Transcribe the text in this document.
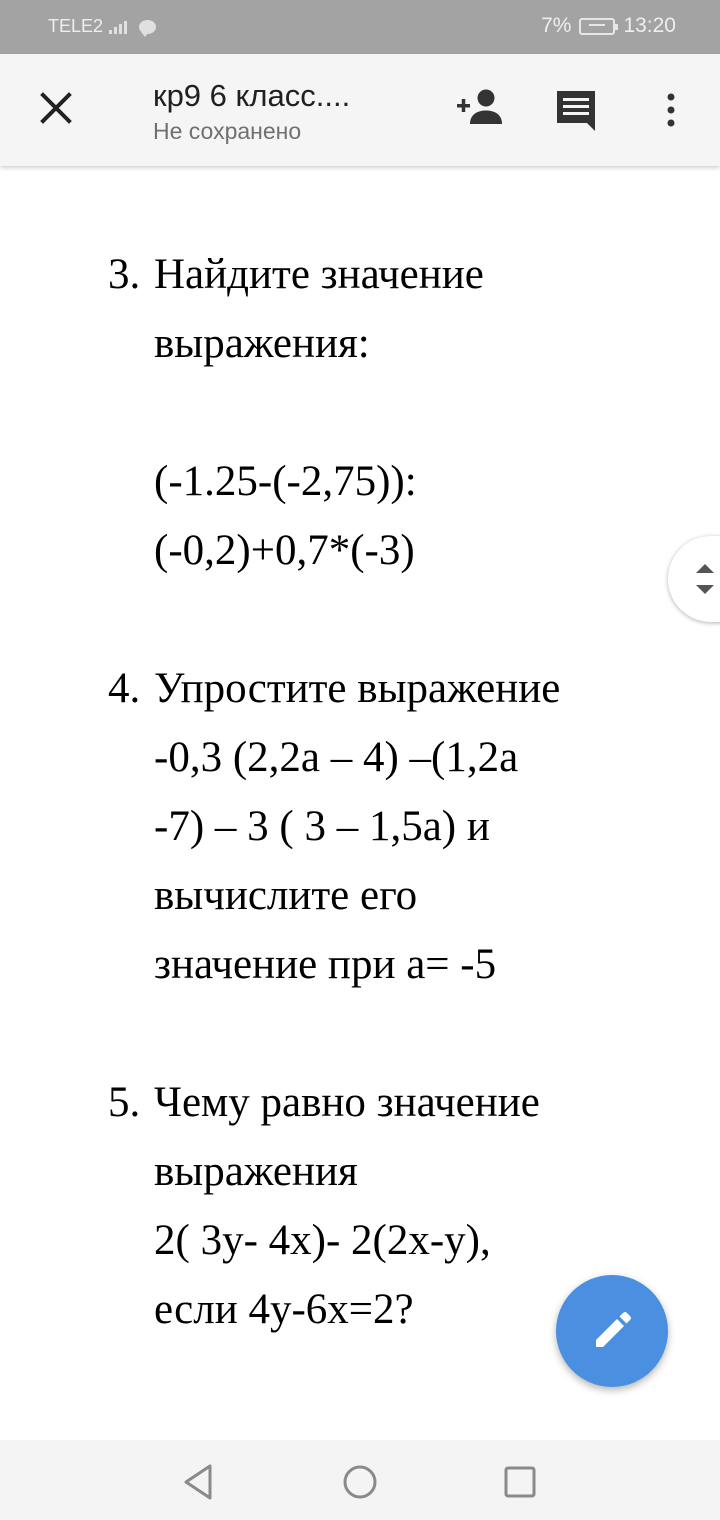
TELE2	7% 13:20
кр9 6 класс....
Не сохранено
3. Найдите значение
выражения:
(-1.25-(-2,75)):
(-0,2)+0,7*(-3)
4. Упростите выражение
-0,3 (2,2a – 4) –(1,2a
-7) – 3 ( 3 – 1,5a) и
вычислите его
значение при а= -5
5. Чему равно значение
выражения
2( 3y- 4x)- 2(2x-y),
если 4y-6x=2?
